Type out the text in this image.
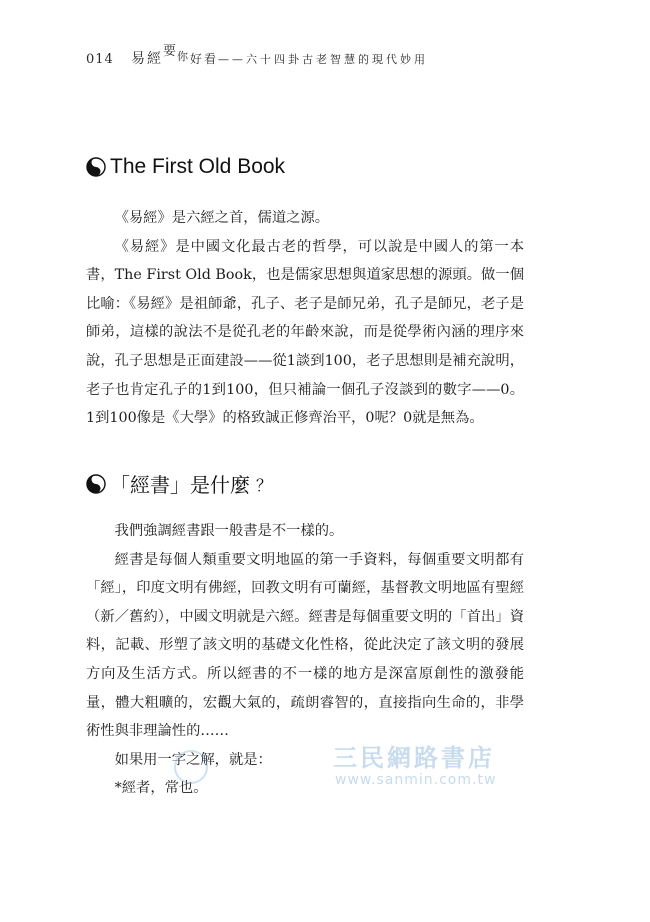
014 易經要$^你$好看——六十四卦古老智慧的現代妙用
The First Old Book

《易經》是六經之首，儒道之源。

《易經》是中國文化最古老的哲學，可以說是中國人的第一本書，The First Old Book，也是儒家思想與道家思想的源頭。做一個比喻：《易經》是祖師爺，孔子、老子是師兄弟，孔子是師兄，老子是師弟，這樣的說法不是從孔老的年齡來說，而是從學術內涵的理序來說，孔子思想是正面建設——從1談到100，老子思想則是補充說明，老子也肯定孔子的1到100，但只補論一個孔子沒談到的數字——0。1到100像是《大學》的格致誠正修齊治平，0呢？0就是無為。

「經書」是什麼 ？

我們強調經書跟一般書是不一樣的。

經書是每個人類重要文明地區的第一手資料，每個重要文明都有「經」，印度文明有佛經，回教文明有可蘭經，基督教文明地區有聖經（新／舊約），中國文明就是六經。經書是每個重要文明的「首出」資料，記載、形塑了該文明的基礎文化性格，從此決定了該文明的發展方向及生活方式。所以經書的不一樣的地方是深富原創性的激發能量，體大粗曠的，宏觀大氣的，疏朗睿智的，直接指向生命的，非學術性與非理論性的……

如果用一字之解，就是：

*經者，常也。

三民網路書店
www.sanmin.com.tw
